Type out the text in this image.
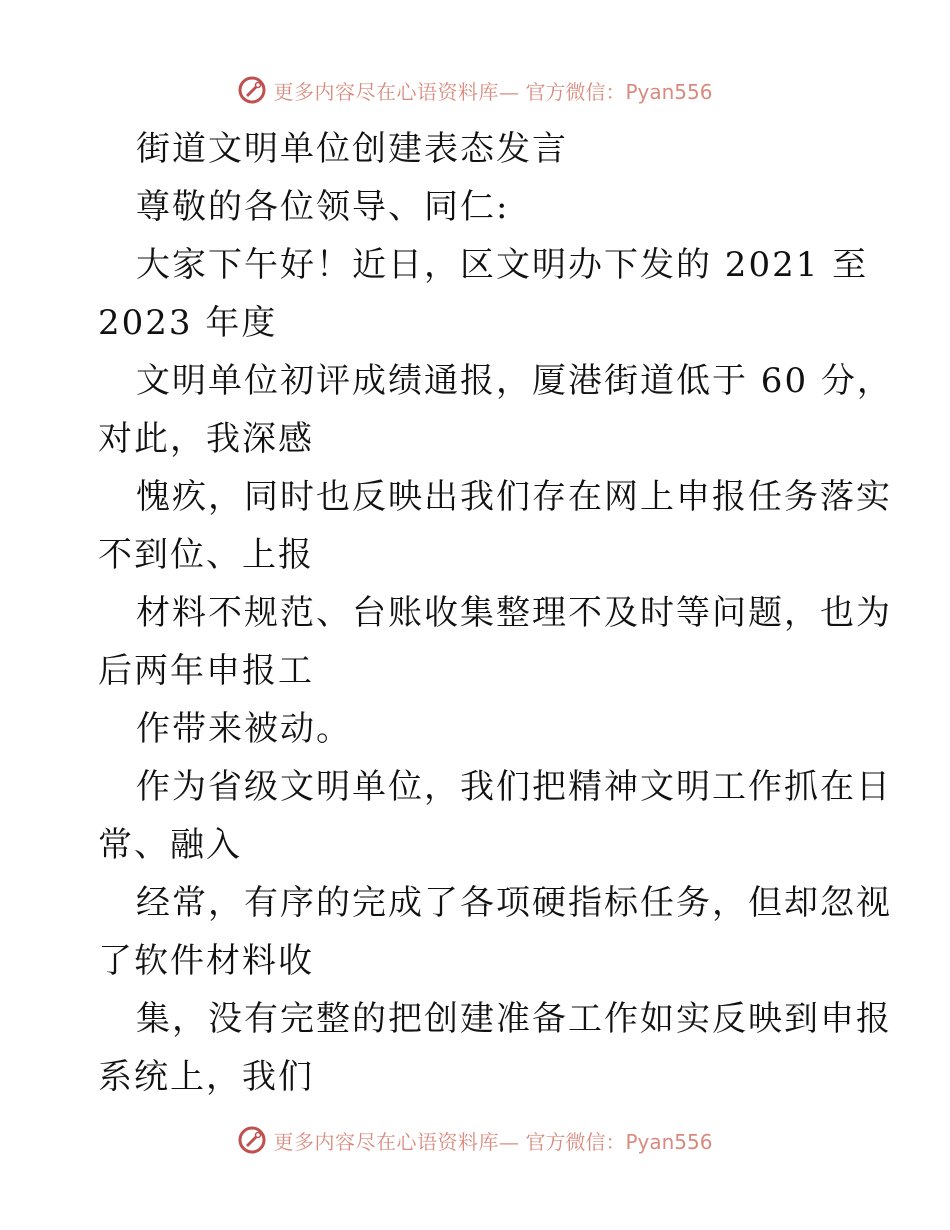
更多内容尽在心语资料库— 官方微信：Pyan556
街道文明单位创建表态发言
尊敬的各位领导、同仁:
大家下午好！近日，区文明办下发的 2021 至
2023 年度
文明单位初评成绩通报，厦港街道低于 60 分，
对此，我深感
愧疚，同时也反映出我们存在网上申报任务落实
不到位、上报
材料不规范、台账收集整理不及时等问题，也为
后两年申报工
作带来被动。
作为省级文明单位，我们把精神文明工作抓在日
常、融入
经常，有序的完成了各项硬指标任务，但却忽视
了软件材料收
集，没有完整的把创建准备工作如实反映到申报
系统上，我们
更多内容尽在心语资料库— 官方微信：Pyan556
